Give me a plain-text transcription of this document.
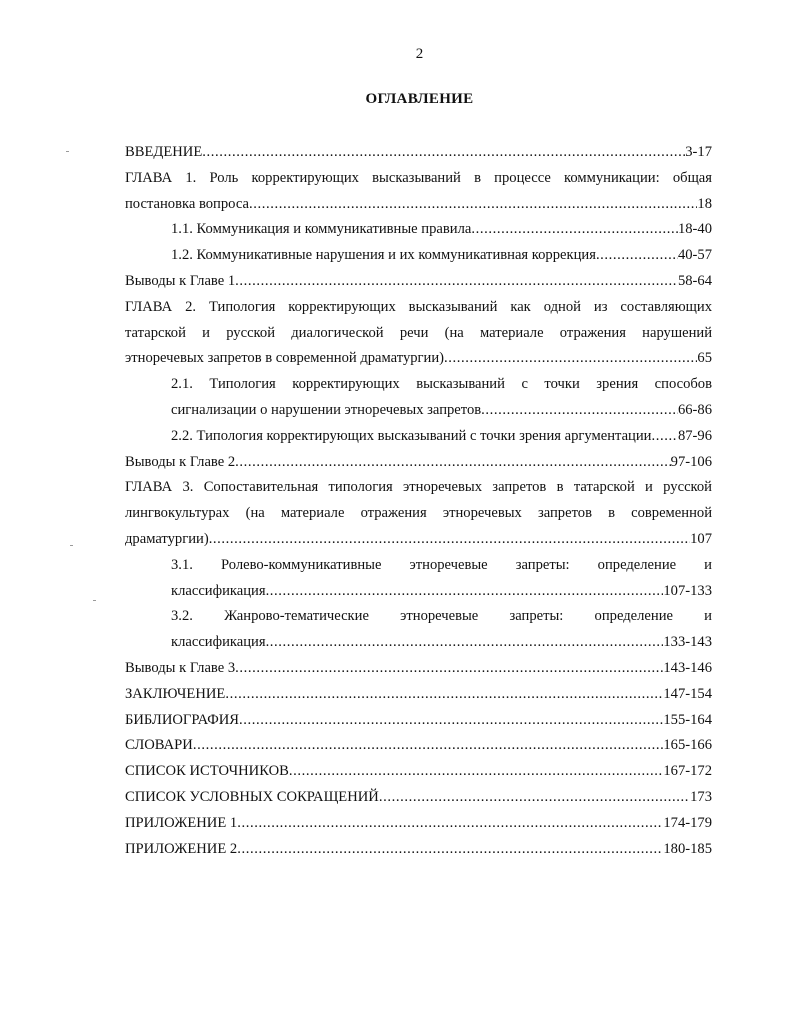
2
ОГЛАВЛЕНИЕ
ВВЕДЕНИЕ .....	3-17
ГЛАВА 1. Роль корректирующих высказываний в процессе коммуникации: общая
постановка вопроса .....	18
1.1. Коммуникация и коммуникативные правила .....	18-40
1.2. Коммуникативные нарушения и их коммуникативная коррекция .....	40-57
Выводы к Главе 1 .....	58-64
ГЛАВА 2. Типология корректирующих высказываний как одной из составляющих
татарской и русской диалогической речи (на материале отражения нарушений
этноречевых запретов в современной драматургии) .....	65
2.1. Типология корректирующих высказываний с точки зрения способов
сигнализации о нарушении этноречевых запретов .....	66-86
2.2. Типология корректирующих высказываний с точки зрения аргументации ..... 87-96
Выводы к Главе 2 .....	97-106
ГЛАВА 3. Сопоставительная типология этноречевых запретов в татарской и русской
лингвокультурах (на материале отражения этноречевых запретов в современной
драматургии) .....	107
3.1. Ролево-коммуникативные этноречевые запреты: определение и
классификация .....	107-133
3.2. Жанрово-тематические этноречевые запреты: определение и
классификация .....	133-143
Выводы к Главе 3 .....	143-146
ЗАКЛЮЧЕНИЕ .....	147-154
БИБЛИОГРАФИЯ .....	155-164
СЛОВАРИ .....	165-166
СПИСОК ИСТОЧНИКОВ .....	167-172
СПИСОК УСЛОВНЫХ СОКРАЩЕНИЙ .....	173
ПРИЛОЖЕНИЕ 1 .....	174-179
ПРИЛОЖЕНИЕ 2 .....	180-185
